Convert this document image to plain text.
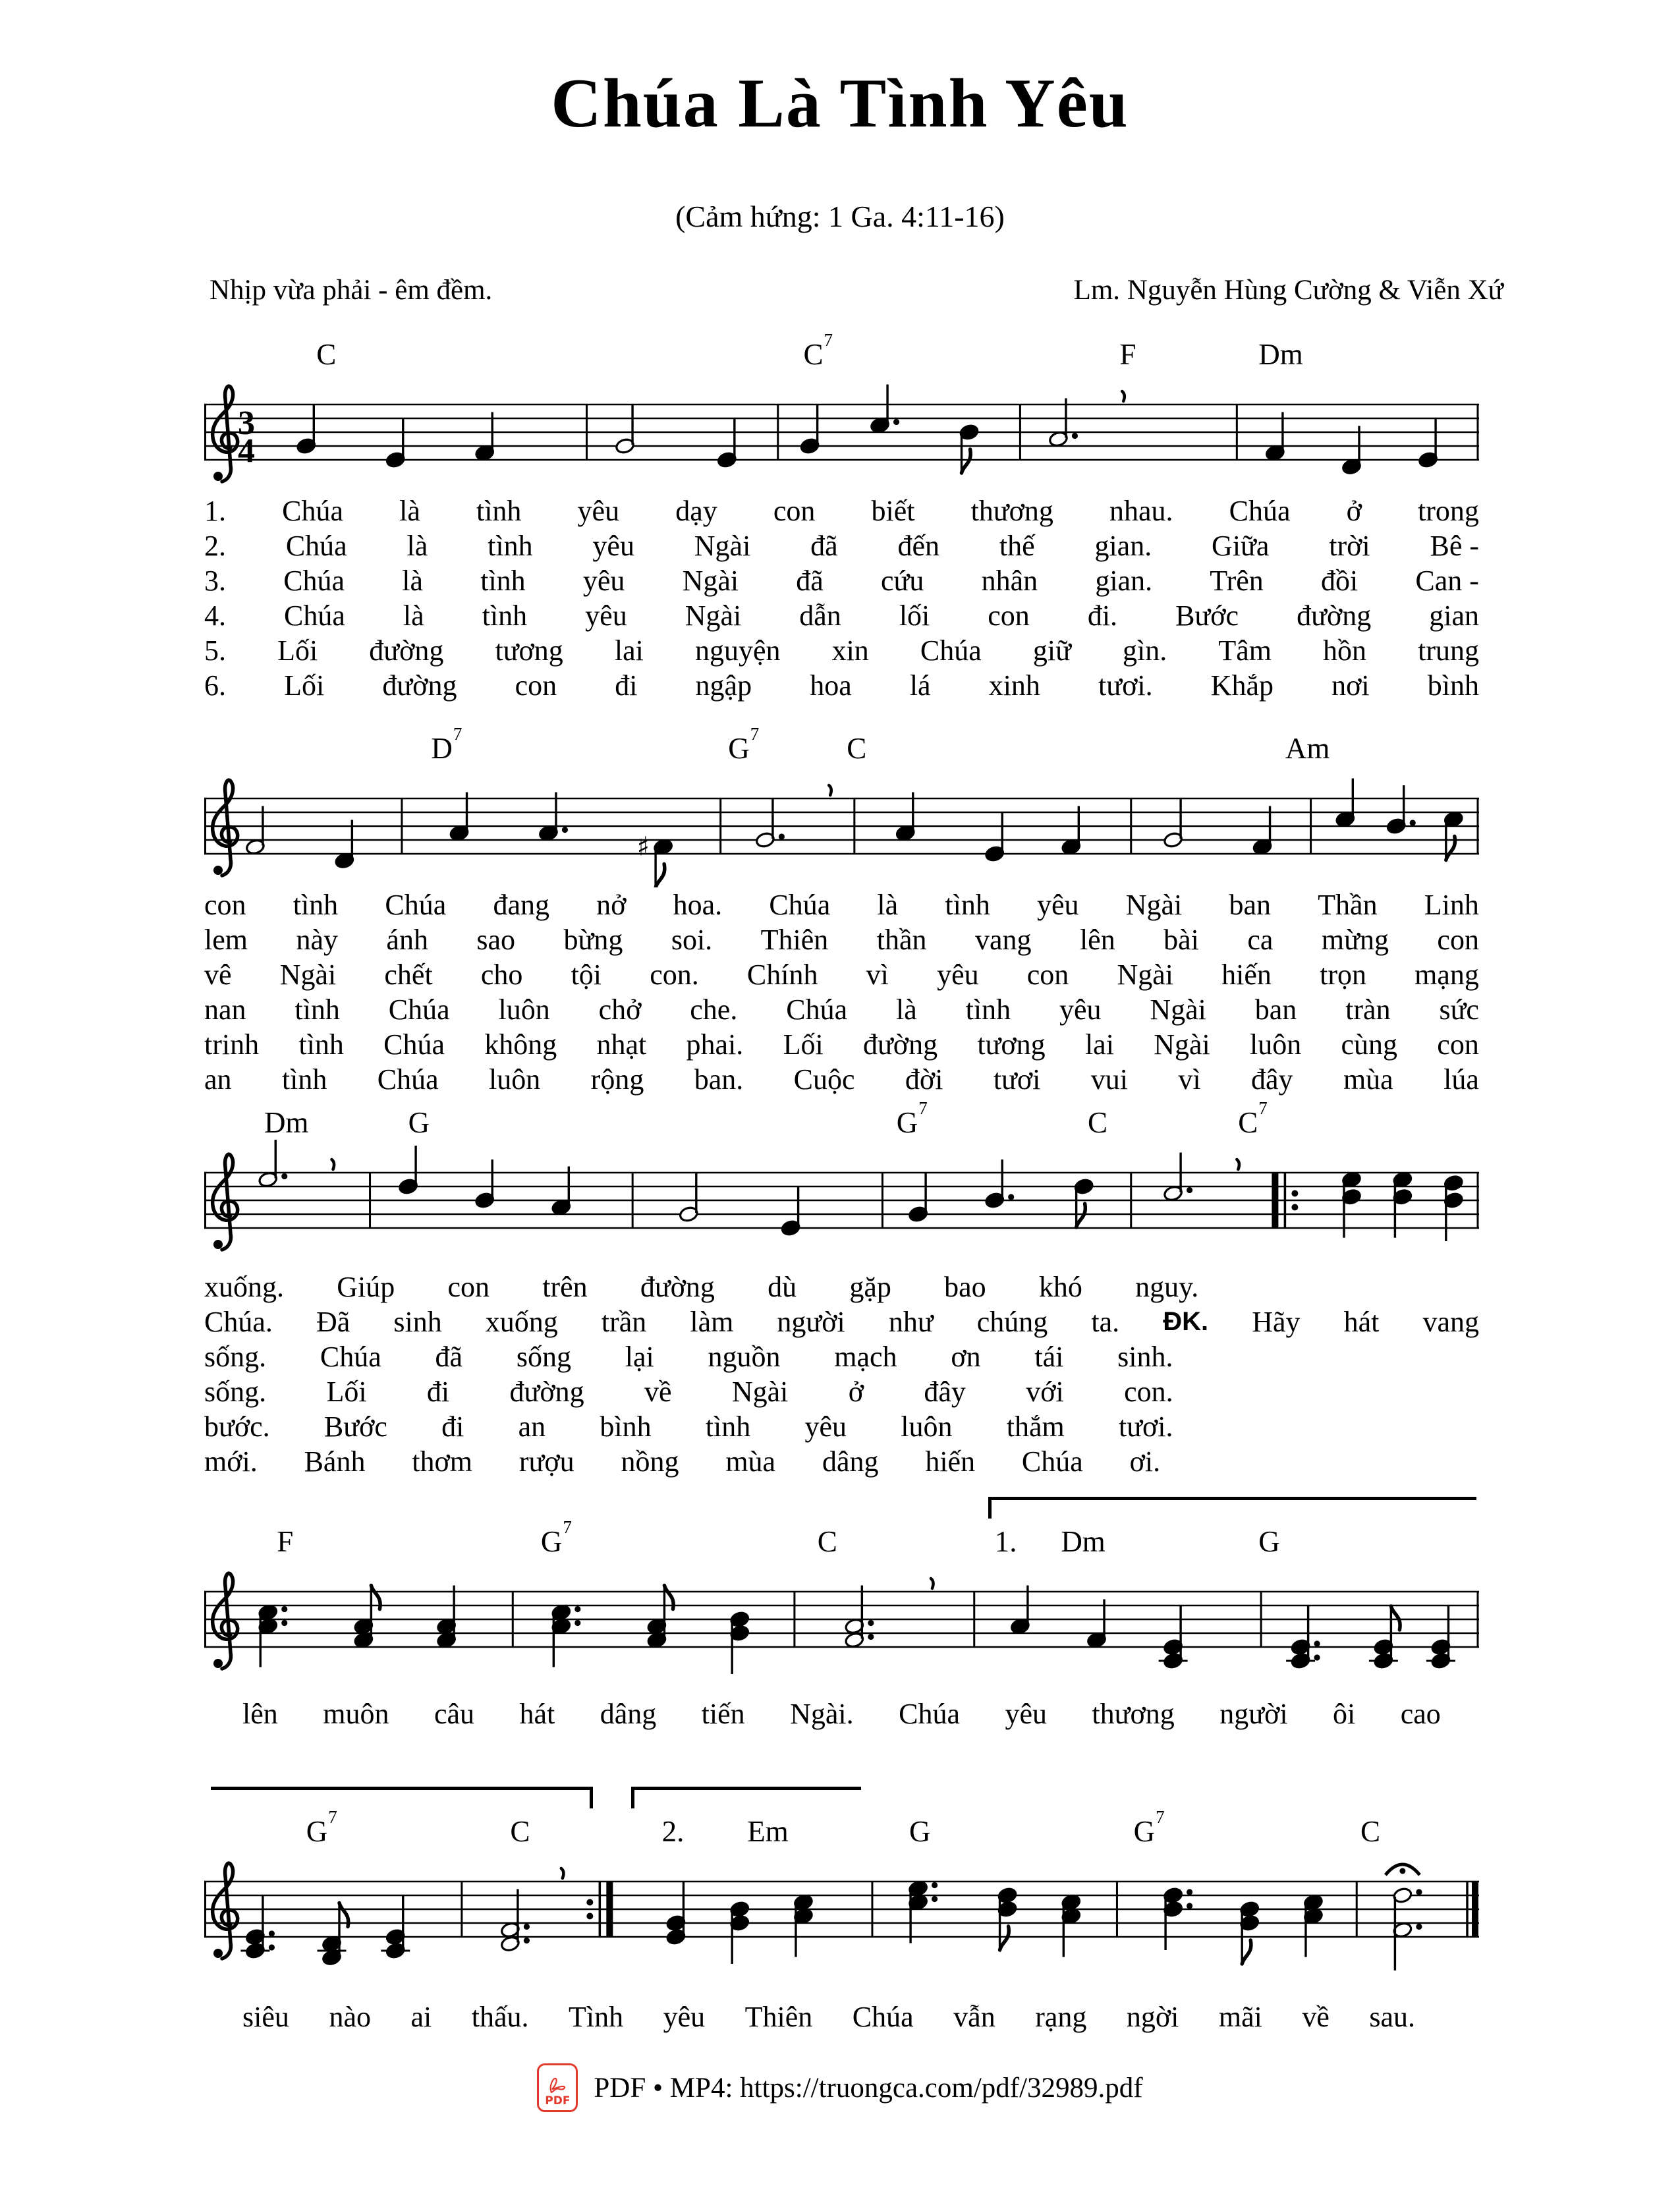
Chúa Là Tình Yêu
(Cảm hứng: 1 Ga. 4:11-16)
Nhịp vừa phải - êm đềm.	Lm. Nguyễn Hùng Cường & Viễn Xứ
C	$C^7$	F	Dm
3
4
1. Chúa là tình yêu dạy con biết thương nhau. Chúa ở trong
2. Chúa là tình yêu Ngài đã đến thế gian. Giữa trời Bê -
3. Chúa là tình yêu Ngài đã cứu nhân gian. Trên đồi Can -
4. Chúa là tình yêu Ngài dẫn lối con đi. Bước đường gian
5. Lối đường tương lai nguyện xin Chúa giữ gìn. Tâm hồn trung
6. Lối đường con đi ngập hoa lá xinh tươi. Khắp nơi bình
$D^7$	$G^7$	C	Am
♯
con tình Chúa đang nở hoa. Chúa là tình yêu Ngài ban Thần Linh
lem này ánh sao bừng soi. Thiên thần vang lên bài ca mừng con
vê Ngài chết cho tội con. Chính vì yêu con Ngài hiến trọn mạng
nan tình Chúa luôn chở che. Chúa là tình yêu Ngài ban tràn sức
trinh tình Chúa không nhạt phai. Lối đường tương lai Ngài luôn cùng con
an tình Chúa luôn rộng ban. Cuộc đời tươi vui vì đây mùa lúa
Dm	G	$G^7$	C	$C^7$
xuống. Giúp con trên đường dù gặp bao khó nguy.
Chúa. Đã sinh xuống trần làm người như chúng ta. ĐK. Hãy hát vang
sống. Chúa đã sống lại nguồn mạch ơn tái sinh.
sống. Lối đi đường về Ngài ở đây với con.
bước. Bước đi an bình tình yêu luôn thắm tươi.
mới. Bánh thơm rượu nồng mùa dâng hiến Chúa ơi.
F	$G^7$	C	1. Dm	G
lên muôn câu hát dâng tiến Ngài. Chúa yêu thương người ôi cao
$G^7$	C	2. Em	G	$G^7$	C
siêu nào ai thấu. Tình yêu Thiên Chúa vẫn rạng ngời mãi về sau.
PDF PDF • MP4: https://truongca.com/pdf/32989.pdf
